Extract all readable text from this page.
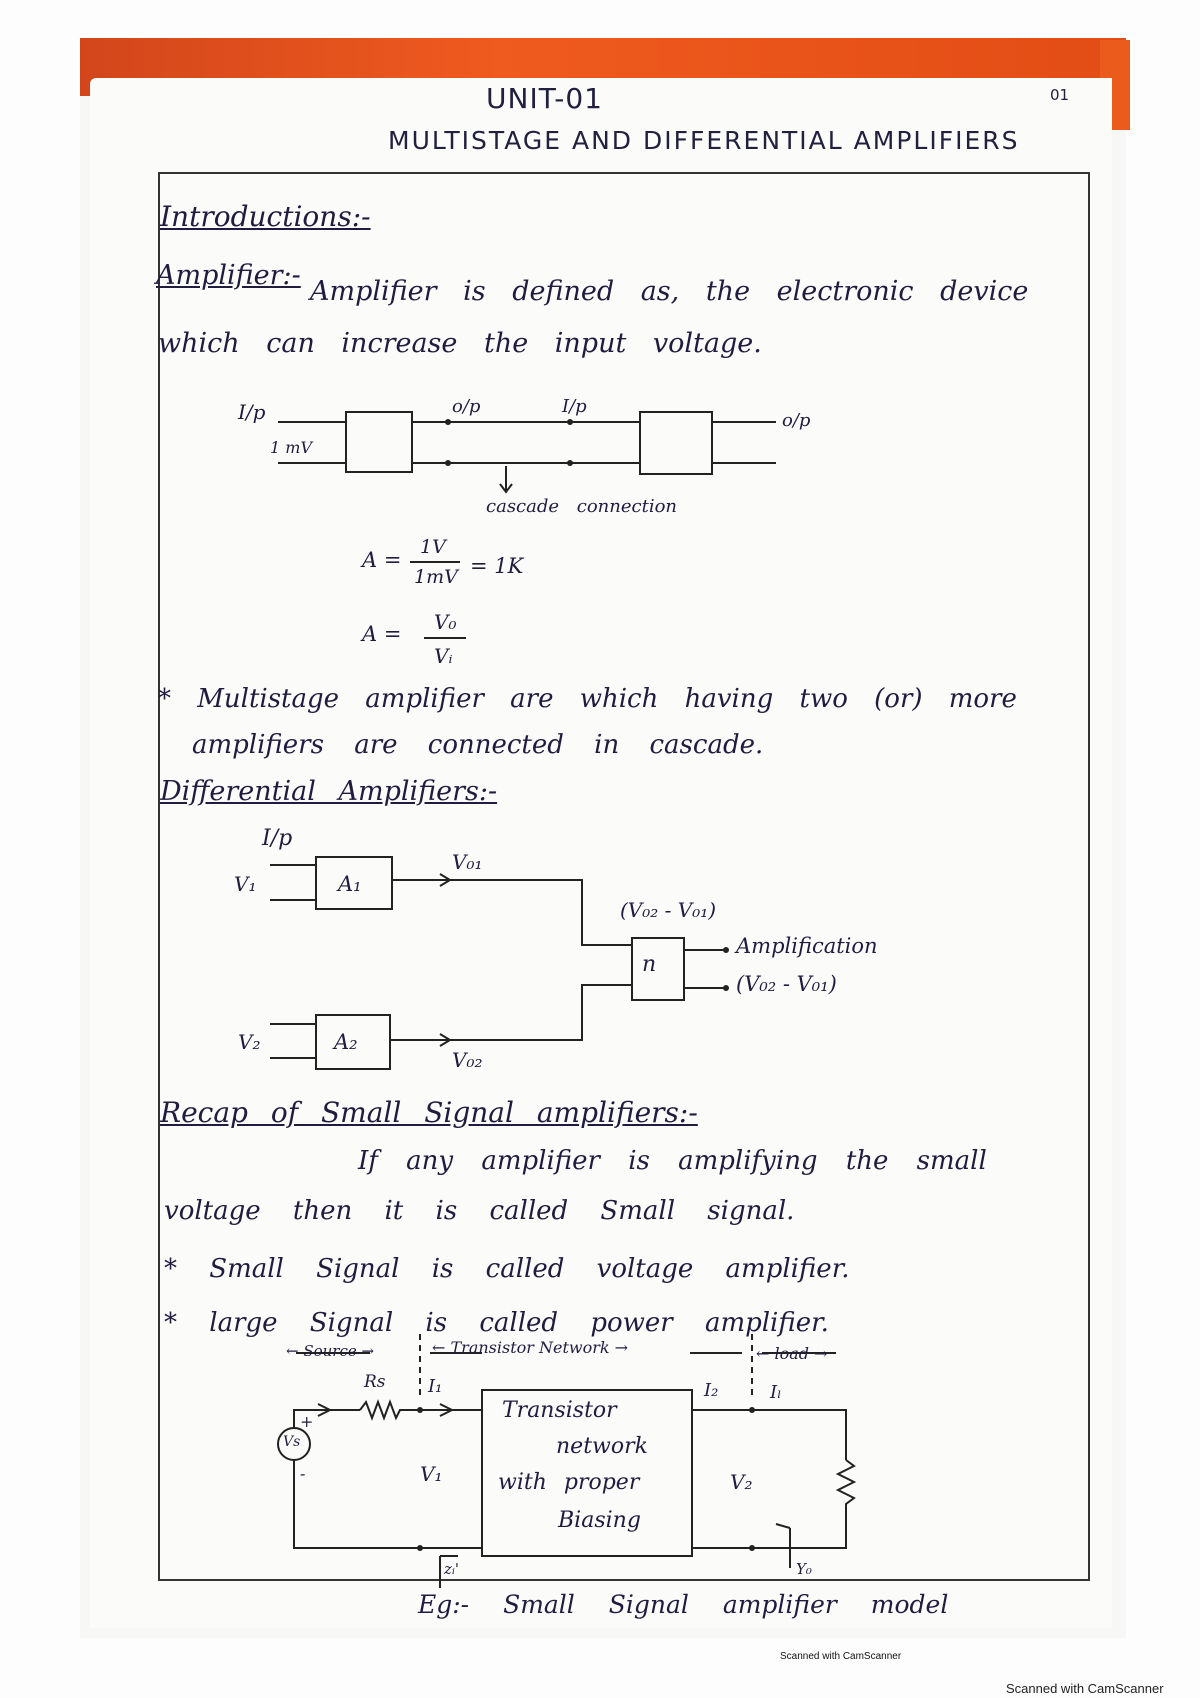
01
UNIT-01
MULTISTAGE AND DIFFERENTIAL AMPLIFIERS
Introductions:-
Amplifier:-
Amplifier is defined as, the electronic device
which can increase the input voltage.
I/p
1 mV
o/p	I/p
o/p
cascade connection
A =
1V
1mV = 1K
A = V₀
Vᵢ
* Multistage amplifier are which having two (or) more
amplifiers are connected in cascade.
Differential Amplifiers:-
I/p
V₁	A₁
V₀₁
(V₀₂ - V₀₁)
n
Amplification
(V₀₂ - V₀₁)
V₂	A₂
V₀₂
Recap of Small Signal amplifiers:-
If any amplifier is amplifying the small
voltage then it is called Small signal.
* Small Signal is called voltage amplifier.
* large Signal is called power amplifier.
← Source →	← Transistor Network →	← load →
Rs I₁	I₂	Iₗ
Vs
+
-	V₁	V₂
Transistor
network
with proper
Biasing
zᵢ'	Y₀
Eg:- Small Signal amplifier model
Scanned with CamScanner
Scanned with CamScanner
